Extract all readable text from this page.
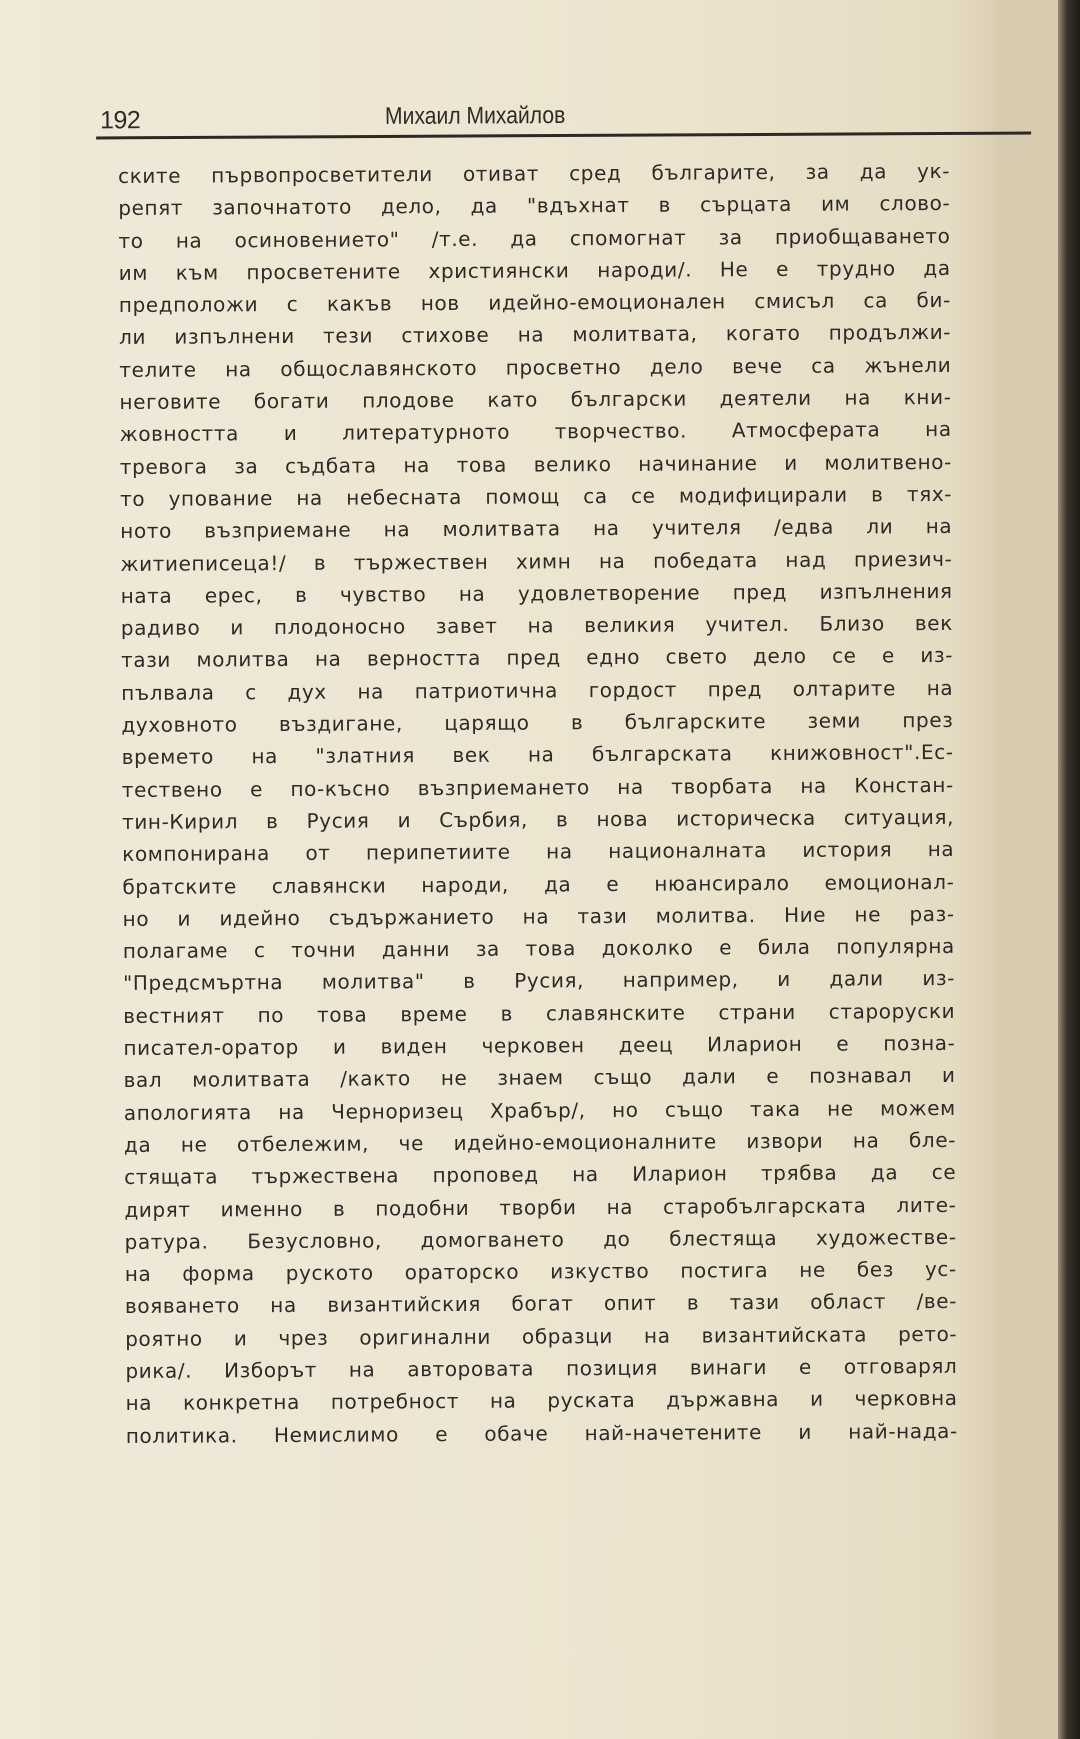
192	Михаил Михайлов
ските първопросветители отиват сред българите, за да ук-
репят започнатото дело, да "вдъхнат в сърцата им слово-
то на осиновението" /т.е. да спомогнат за приобщаването
им към просветените християнски народи/. Не е трудно да
предположи с какъв нов идейно-емоционален смисъл са би-
ли изпълнени тези стихове на молитвата, когато продължи-
телите на общославянското просветно дело вече са жънели
неговите богати плодове като български деятели на кни-
жовността и литературното творчество. Атмосферата на
тревога за съдбата на това велико начинание и молитвено-
то упование на небесната помощ са се модифицирали в тях-
ното възприемане на молитвата на учителя /едва ли на
житиеписеца!/ в тържествен химн на победата над приезич-
ната ерес, в чувство на удовлетворение пред изпълнения
радиво и плодоносно завет на великия учител. Близо век
тази молитва на верността пред едно свето дело се е из-
пълвала с дух на патриотична гордост пред олтарите на
духовното въздигане, царящо в българските земи през
времето на "златния век на българската книжовност".Ес-
тествено е по-късно възприемането на творбата на Констан-
тин-Кирил в Русия и Сърбия, в нова историческа ситуация,
компонирана от перипетиите на националната история на
братските славянски народи, да е нюансирало емоционал-
но и идейно съдържанието на тази молитва. Ние не раз-
полагаме с точни данни за това доколко е била популярна
"Предсмъртна молитва" в Русия, например, и дали из-
вестният по това време в славянските страни староруски
писател-оратор и виден черковен деец Иларион е позна-
вал молитвата /както не знаем също дали е познавал и
апологията на Черноризец Храбър/, но също така не можем
да не отбележим, че идейно-емоционалните извори на бле-
стящата тържествена проповед на Иларион трябва да се
дирят именно в подобни творби на старобългарската лите-
ратура. Безусловно, домогването до блестяща художестве-
на форма руското ораторско изкуство постига не без ус-
вояването на византийския богат опит в тази област /ве-
роятно и чрез оригинални образци на византийската рето-
рика/. Изборът на авторовата позиция винаги е отговарял
на конкретна потребност на руската държавна и черковна
политика. Немислимо е обаче най-начетените и най-нада-
